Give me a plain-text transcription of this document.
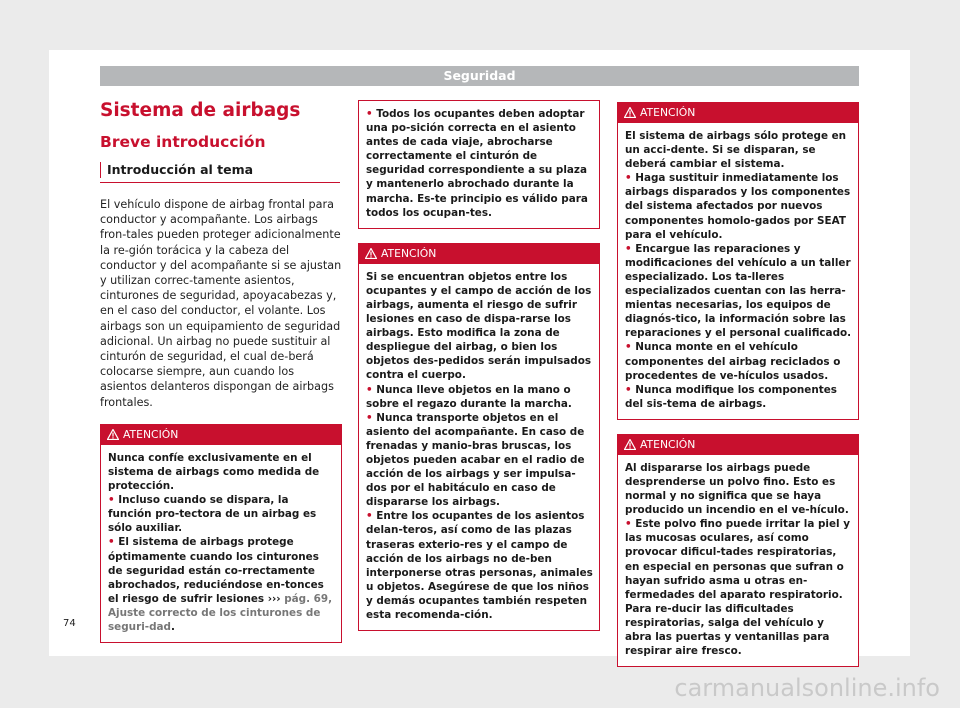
Seguridad
Sistema de airbags
Breve introducción
Introducción al tema

El vehículo dispone de airbag frontal para conductor y acompañante. Los airbags fron-tales pueden proteger adicionalmente la re-gión torácica y la cabeza del conductor y del acompañante si se ajustan y utilizan correc-tamente asientos, cinturones de seguridad, apoyacabezas y, en el caso del conductor, el volante. Los airbags son un equipamiento de seguridad adicional. Un airbag no puede sustituir al cinturón de seguridad, el cual de-berá colocarse siempre, aun cuando los asientos delanteros dispongan de airbags frontales.

ATENCIÓN

Nunca confíe exclusivamente en el sistema de airbags como medida de protección.

• Incluso cuando se dispara, la función pro-tectora de un airbag es sólo auxiliar.

• El sistema de airbags protege óptimamente cuando los cinturones de seguridad están co-rrectamente abrochados, reduciéndose en-tonces el riesgo de sufrir lesiones ››› pág. 69, Ajuste correcto de los cinturones de seguri-dad.

• Todos los ocupantes deben adoptar una po-sición correcta en el asiento antes de cada viaje, abrocharse correctamente el cinturón de seguridad correspondiente a su plaza y mantenerlo abrochado durante la marcha. Es-te principio es válido para todos los ocupan-tes.

ATENCIÓN

Si se encuentran objetos entre los ocupantes y el campo de acción de los airbags, aumenta el riesgo de sufrir lesiones en caso de dispa-rarse los airbags. Esto modifica la zona de despliegue del airbag, o bien los objetos des-pedidos serán impulsados contra el cuerpo.

• Nunca lleve objetos en la mano o sobre el regazo durante la marcha.

• Nunca transporte objetos en el asiento del acompañante. En caso de frenadas y manio-bras bruscas, los objetos pueden acabar en el radio de acción de los airbags y ser impulsa-dos por el habitáculo en caso de dispararse los airbags.

• Entre los ocupantes de los asientos delan-teros, así como de las plazas traseras exterio-res y el campo de acción de los airbags no de-ben interponerse otras personas, animales u objetos. Asegúrese de que los niños y demás ocupantes también respeten esta recomenda-ción.

ATENCIÓN

El sistema de airbags sólo protege en un acci-dente. Si se disparan, se deberá cambiar el sistema.

• Haga sustituir inmediatamente los airbags disparados y los componentes del sistema afectados por nuevos componentes homolo-gados por SEAT para el vehículo.

• Encargue las reparaciones y modificaciones del vehículo a un taller especializado. Los ta-lleres especializados cuentan con las herra-mientas necesarias, los equipos de diagnós-tico, la información sobre las reparaciones y el personal cualificado.

• Nunca monte en el vehículo componentes del airbag reciclados o procedentes de ve-hículos usados.

• Nunca modifique los componentes del sis-tema de airbags.

ATENCIÓN

Al dispararse los airbags puede desprenderse un polvo fino. Esto es normal y no significa que se haya producido un incendio en el ve-hículo.

• Este polvo fino puede irritar la piel y las mucosas oculares, así como provocar dificul-tades respiratorias, en especial en personas que sufran o hayan sufrido asma u otras en-fermedades del aparato respiratorio. Para re-ducir las dificultades respiratorias, salga del vehículo y abra las puertas y ventanillas para respirar aire fresco.

74
carmanualsonline.info
